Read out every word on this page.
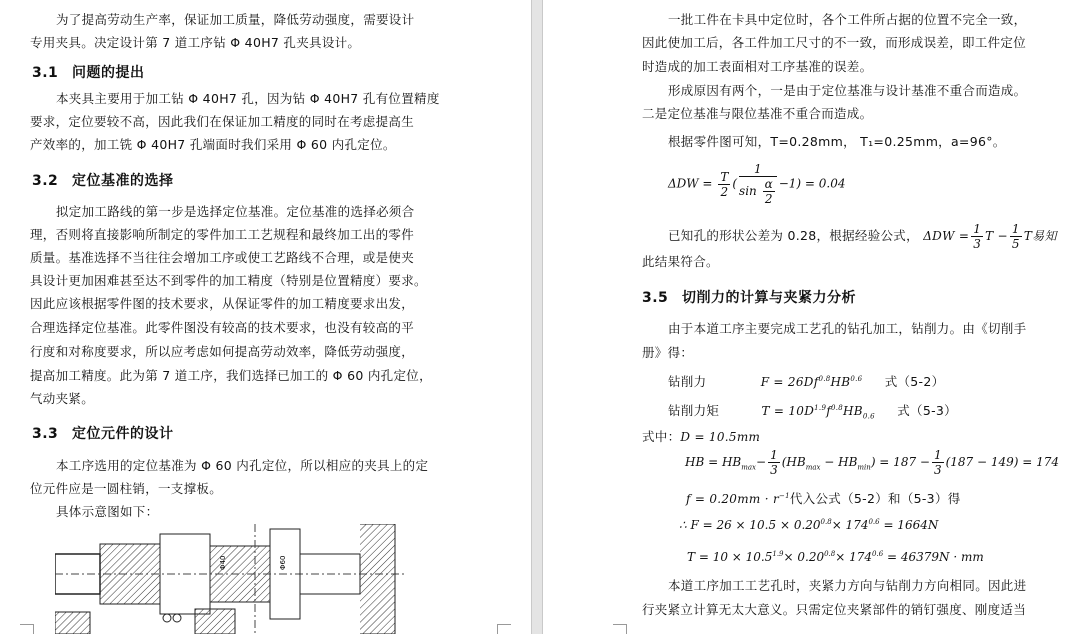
为了提高劳动生产率，保证加工质量，降低劳动强度，需要设计
专用夹具。决定设计第 7 道工序钻 Φ 40H7 孔夹具设计。
3.1 问题的提出
本夹具主要用于加工钻 Φ 40H7 孔，因为钻 Φ 40H7 孔有位置精度
要求，定位要较不高，因此我们在保证加工精度的同时在考虑提高生
产效率的，加工铣 Φ 40H7 孔端面时我们采用 Φ 60 内孔定位。
3.2 定位基准的选择
拟定加工路线的第一步是选择定位基准。定位基准的选择必须合
理，否则将直接影响所制定的零件加工工艺规程和最终加工出的零件
质量。基准选择不当往往会增加工序或使工艺路线不合理，或是使夹
具设计更加困难甚至达不到零件的加工精度（特别是位置精度）要求。
因此应该根据零件图的技术要求，从保证零件的加工精度要求出发，
合理选择定位基准。此零件图没有较高的技术要求，也没有较高的平
行度和对称度要求，所以应考虑如何提高劳动效率，降低劳动强度，
提高加工精度。此为第 7 道工序，我们选择已加工的 Φ 60 内孔定位，
气动夹紧。
3.3 定位元件的设计
本工序选用的定位基准为 Φ 60 内孔定位，所以相应的夹具上的定
位元件应是一圆柱销，一支撑板。
具体示意图如下：
Φ40	Φ60
一批工件在卡具中定位时，各个工件所占据的位置不完全一致，
因此使加工后，各工件加工尺寸的不一致，而形成误差，即工件定位
时造成的加工表面相对工序基准的误差。
形成原因有两个，一是由于定位基准与设计基准不重合而造成。
二是定位基准与限位基准不重合而造成。
根据零件图可知，T=0.28mm， T₁=0.25mm，a=96°。
$\Delta DW = \frac{T}{2}$ ( $\frac{1}{\sin \frac{\alpha}{2}} -1) = 0.04$
已知孔的形状公差为 0.28，根据经验公式， $\Delta DW = \frac{1}{3}$ $T - \frac{1}{5}$ T易知
此结果符合。
3.5 切削力的计算与夹紧力分析
由于本道工序主要完成工艺孔的钻孔加工，钻削力。由《切削手
册》得：
钻削力	$F = 26Df^{0.8}HB^{0.6}$ 式（5-2）
钻削力矩	$T = 10D^{1.9}f^{0.8}HB_{0.6}$ 式（5-3）
式中：D = 10.5mm
HB = $HB_{max}- \frac{1}{3} (HB_{max} - HB_{min}) = 187 - \frac{1}{3} (187 - 149) = 174$
$f = 0.20mm \cdot r^{-1}$代入公式（5-2）和（5-3）得
∴ $F = 26 \times 10.5 \times 0.20^{0.8}\times 174^{0.6} = 1664N$
$T = 10 \times 10.5^{1.9}\times 0.20^{0.8}\times 174^{0.6} = 46379N$ · mm
本道工序加工工艺孔时，夹紧力方向与钻削力方向相同。因此进
行夹紧立计算无太大意义。只需定位夹紧部件的销钉强度、刚度适当
